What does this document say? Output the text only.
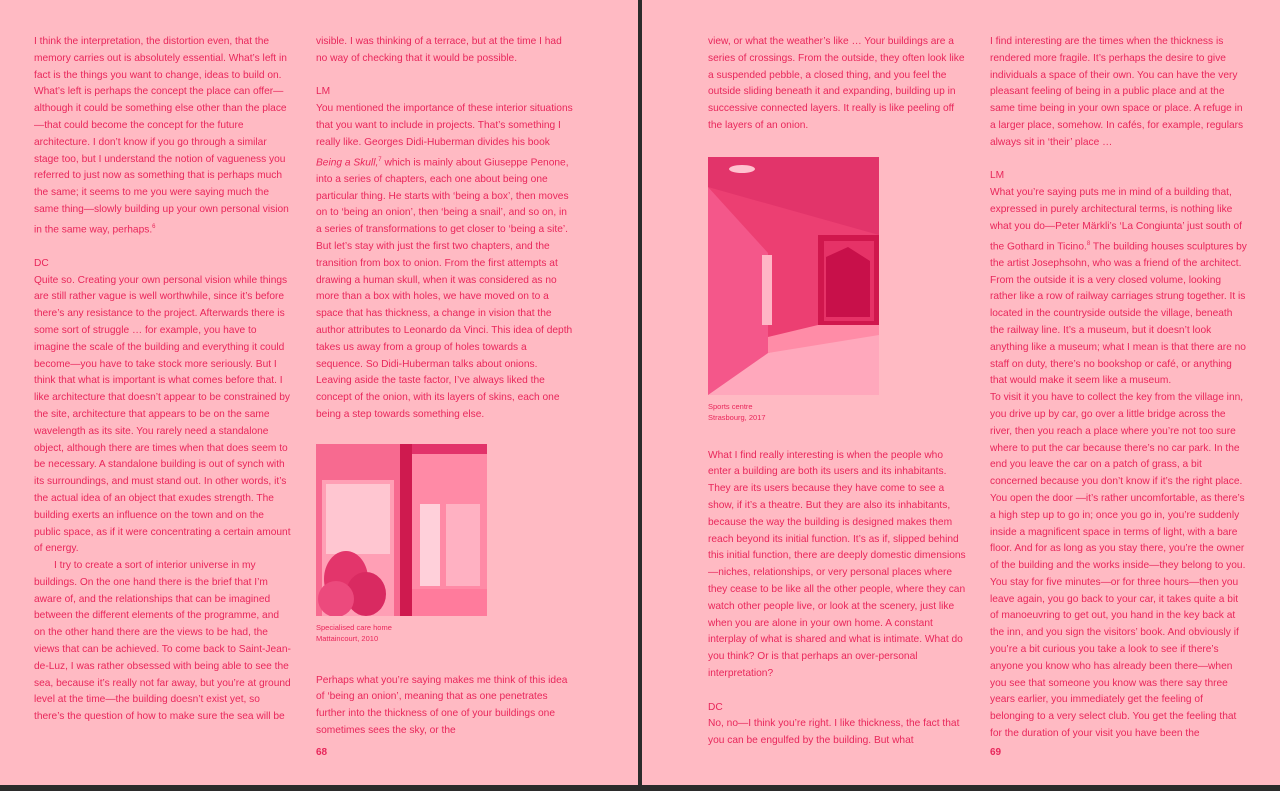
I think the interpretation, the distortion even, that the memory carries out is absolutely essential. What’s left in fact is the things you want to change, ideas to build on. What’s left is perhaps the concept the place can offer—although it could be something else other than the place—that could become the concept for the future architecture. I don’t know if you go through a similar stage too, but I understand the notion of vagueness you referred to just now as something that is perhaps much the same; it seems to me you were saying much the same thing—slowly building up your own personal vision in the same way, perhaps.$^6$

DC

Quite so. Creating your own personal vision while things are still rather vague is well worthwhile, since it’s before there’s any resistance to the project. Afterwards there is some sort of struggle … for example, you have to imagine the scale of the building and everything it could become—you have to take stock more seriously. But I think that what is important is what comes before that. I like architecture that doesn’t appear to be constrained by the site, architecture that appears to be on the same wavelength as its site. You rarely need a standalone object, although there are times when that does seem to be necessary. A standalone building is out of synch with its surroundings, and must stand out. In other words, it’s the actual idea of an object that exudes strength. The building exerts an influence on the town and on the public space, as if it were concentrating a certain amount of energy.

I try to create a sort of interior universe in my buildings. On the one hand there is the brief that I’m aware of, and the relationships that can be imagined between the different elements of the programme, and on the other hand there are the views to be had, the views that can be achieved. To come back to Saint-Jean-de-Luz, I was rather obsessed with being able to see the sea, because it’s really not far away, but you’re at ground level at the time—the building doesn’t exist yet, so there’s the question of how to make sure the sea will be

visible. I was thinking of a terrace, but at the time I had no way of checking that it would be possible.

LM

You mentioned the importance of these interior situations that you want to include in projects. That’s something I really like. Georges Didi-Huberman divides his book Being a Skull,$^7$ which is mainly about Giuseppe Penone, into a series of chapters, each one about being one particular thing. He starts with ‘being a box’, then moves on to ‘being an onion’, then ‘being a snail’, and so on, in a series of transformations to get closer to ‘being a site’. But let’s stay with just the first two chapters, and the transition from box to onion. From the first attempts at drawing a human skull, when it was considered as no more than a box with holes, we have moved on to a space that has thickness, a change in vision that the author attributes to Leonardo da Vinci. This idea of depth takes us away from a group of holes towards a sequence. So Didi-Huberman talks about onions. Leaving aside the taste factor, I’ve always liked the concept of the onion, with its layers of skins, each one being a step towards something else.

Specialised care home

Mattaincourt, 2010

Perhaps what you’re saying makes me think of this idea of ‘being an onion’, meaning that as one penetrates further into the thickness of one of your buildings one sometimes sees the sky, or the

68

view, or what the weather’s like … Your buildings are a series of crossings. From the outside, they often look like a suspended pebble, a closed thing, and you feel the outside sliding beneath it and expanding, building up in successive connected layers. It really is like peeling off the layers of an onion.

Sports centre

Strasbourg, 2017

What I find really interesting is when the people who enter a building are both its users and its inhabitants. They are its users because they have come to see a show, if it’s a theatre. But they are also its inhabitants, because the way the building is designed makes them reach beyond its initial function. It’s as if, slipped behind this initial function, there are deeply domestic dimensions—niches, relationships, or very personal places where they cease to be like all the other people, where they can watch other people live, or look at the scenery, just like when you are alone in your own home. A constant interplay of what is shared and what is intimate. What do you think? Or is that perhaps an over-personal interpretation?

DC

No, no—I think you’re right. I like thickness, the fact that you can be engulfed by the building. But what

I find interesting are the times when the thickness is rendered more fragile. It’s perhaps the desire to give individuals a space of their own. You can have the very pleasant feeling of being in a public place and at the same time being in your own space or place. A refuge in a larger place, somehow. In cafés, for example, regulars always sit in ‘their’ place …

LM

What you’re saying puts me in mind of a building that, expressed in purely architectural terms, is nothing like what you do—Peter Märkli’s ‘La Congiunta’ just south of the Gothard in Ticino.$^8$ The building houses sculptures by the artist Josephsohn, who was a friend of the architect. From the outside it is a very closed volume, looking rather like a row of railway carriages strung together. It is located in the countryside outside the village, beneath the railway line. It’s a museum, but it doesn’t look anything like a museum; what I mean is that there are no staff on duty, there’s no bookshop or café, or anything that would make it seem like a museum.

To visit it you have to collect the key from the village inn, you drive up by car, go over a little bridge across the river, then you reach a place where you’re not too sure where to put the car because there’s no car park. In the end you leave the car on a patch of grass, a bit concerned because you don’t know if it’s the right place. You open the door —it’s rather uncomfortable, as there’s a high step up to go in; once you go in, you’re suddenly inside a magnificent space in terms of light, with a bare floor. And for as long as you stay there, you’re the owner of the building and the works inside—they belong to you. You stay for five minutes—or for three hours—then you leave again, you go back to your car, it takes quite a bit of manoeuvring to get out, you hand in the key back at the inn, and you sign the visitors’ book. And obviously if you’re a bit curious you take a look to see if there’s anyone you know who has already been there—when you see that someone you know was there say three years earlier, you immediately get the feeling of belonging to a very select club. You get the feeling that for the duration of your visit you have been the

69
